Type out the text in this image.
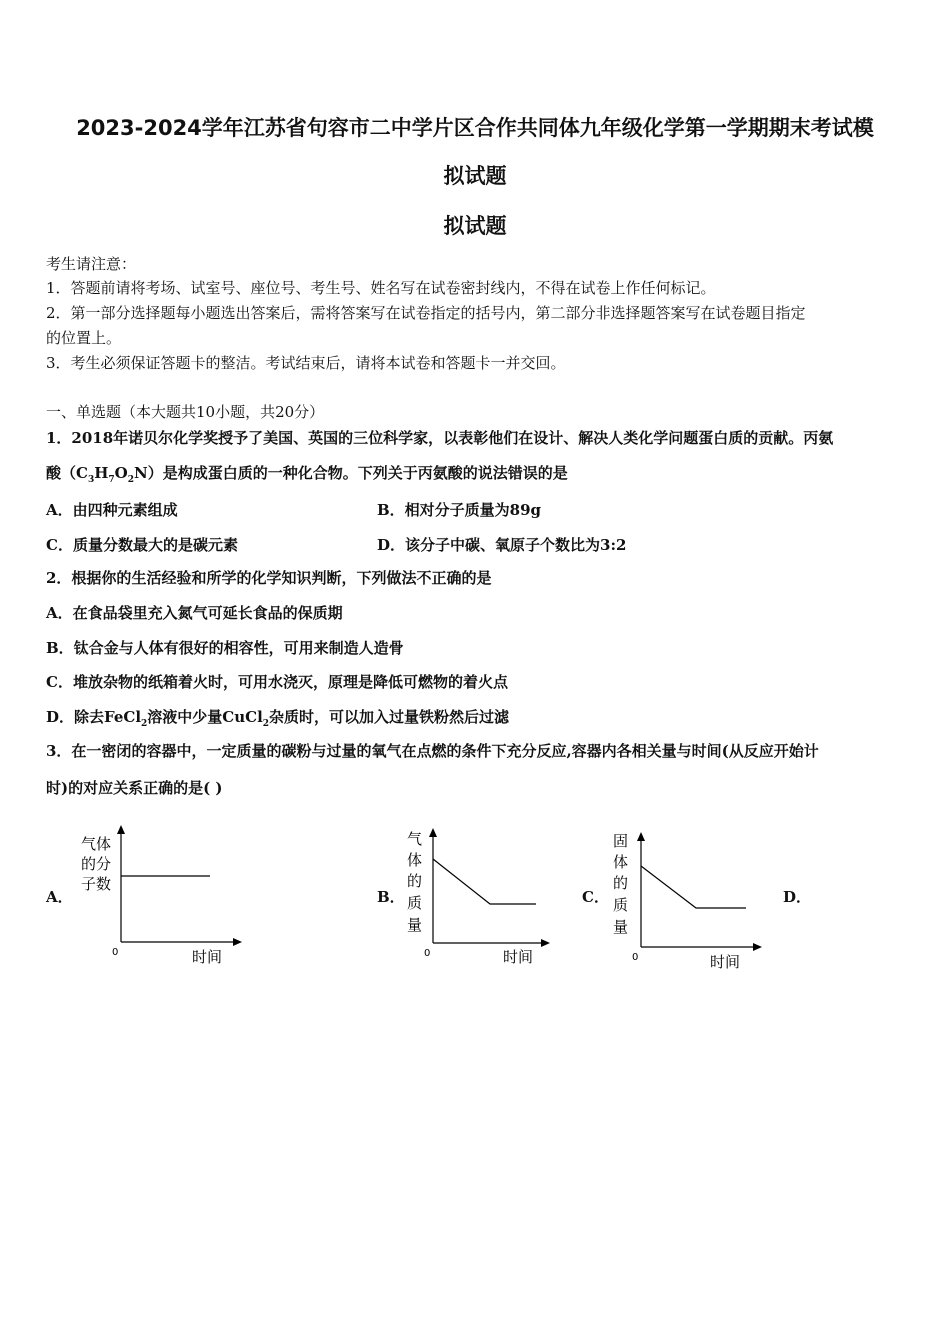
2023-2024学年江苏省句容市二中学片区合作共同体九年级化学第一学期期末考试模
拟试题
拟试题
考生请注意：
1．答题前请将考场、试室号、座位号、考生号、姓名写在试卷密封线内，不得在试卷上作任何标记。
2．第一部分选择题每小题选出答案后，需将答案写在试卷指定的括号内，第二部分非选择题答案写在试卷题目指定
的位置上。
3．考生必须保证答题卡的整洁。考试结束后，请将本试卷和答题卡一并交回。
一、单选题（本大题共10小题，共20分）
1．2018年诺贝尔化学奖授予了美国、英国的三位科学家，以表彰他们在设计、解决人类化学问题蛋白质的贡献。丙氨
酸$(C_3H_7O_2N)$是构成蛋白质的一种化合物。下列关于丙氨酸的说法错误的是
A．由四种元素组成	B．相对分子质量为89g
C．质量分数最大的是碳元素	D．该分子中碳、氧原子个数比为3:2
2．根据你的生活经验和所学的化学知识判断，下列做法不正确的是
A．在食品袋里充入氮气可延长食品的保质期
B．钛合金与人体有很好的相容性，可用来制造人造骨
C．堆放杂物的纸箱着火时，可用水浇灭，原理是降低可燃物的着火点
D．除去FeCl$_2$溶液中少量CuCl$_2$杂质时，可以加入过量铁粉然后过滤
3．在一密闭的容器中，一定质量的碳粉与过量的氧气在点燃的条件下充分反应,容器内各相关量与时间(从反应开始计
时)的对应关系正确的是( )
A．
气体
的分
子数
0	时间
B．
气
体
的
质
量
0	时间
C．
固
体
的
质
量
0	时间
D．
